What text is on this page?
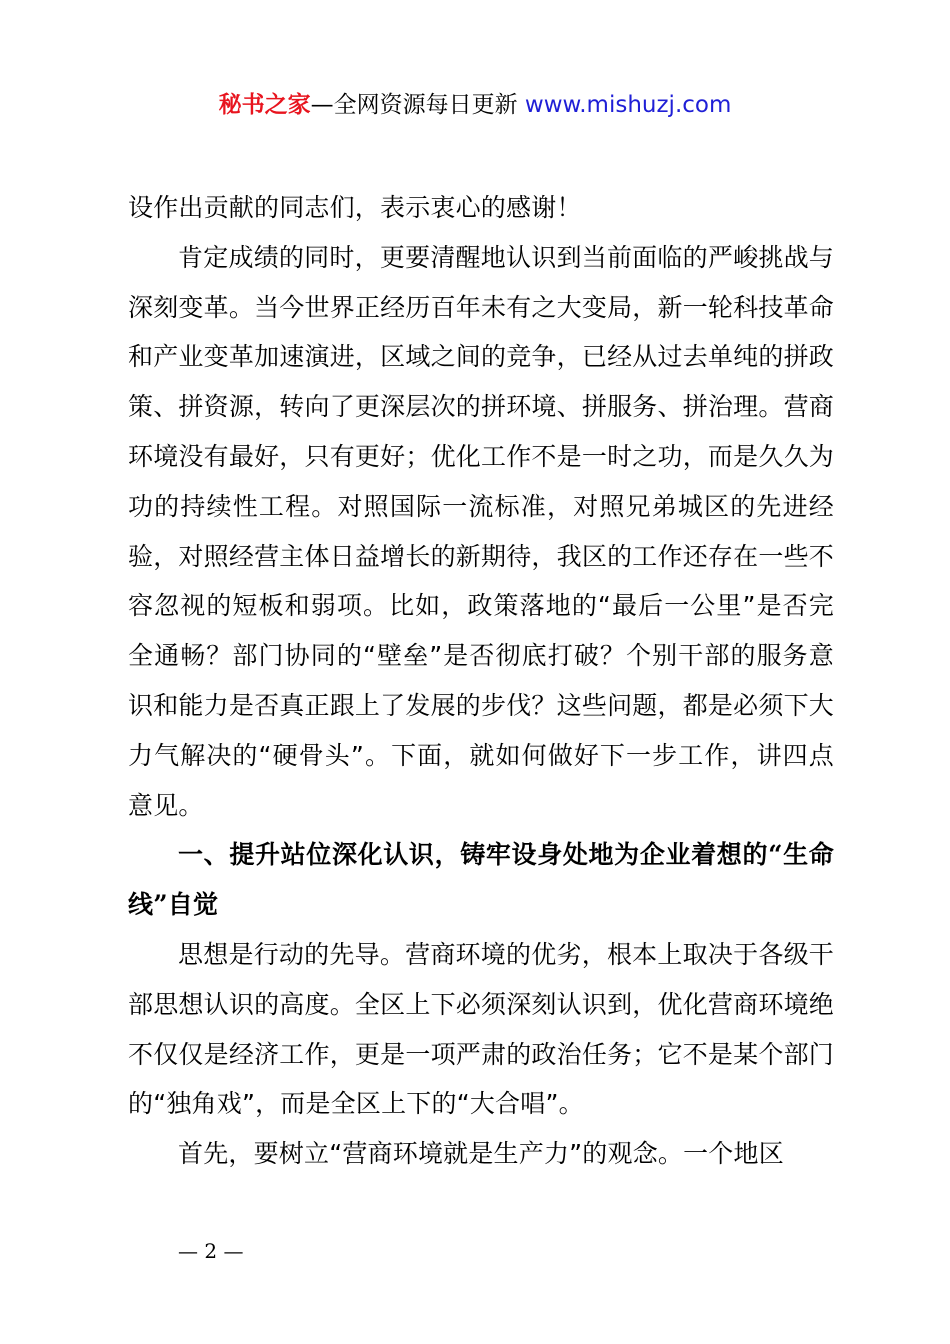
秘书之家—全网资源每日更新 www.mishuzj.com

设作出贡献的同志们，表示衷心的感谢！

肯定成绩的同时，更要清醒地认识到当前面临的严峻挑战与深刻变革。当今世界正经历百年未有之大变局，新一轮科技革命和产业变革加速演进，区域之间的竞争，已经从过去单纯的拼政策、拼资源，转向了更深层次的拼环境、拼服务、拼治理。营商环境没有最好，只有更好；优化工作不是一时之功，而是久久为功的持续性工程。对照国际一流标准，对照兄弟城区的先进经验，对照经营主体日益增长的新期待，我区的工作还存在一些不容忽视的短板和弱项。比如，政策落地的“最后一公里”是否完全通畅？部门协同的“壁垒”是否彻底打破？个别干部的服务意识和能力是否真正跟上了发展的步伐？这些问题，都是必须下大力气解决的“硬骨头”。下面，就如何做好下一步工作，讲四点意见。

一、提升站位深化认识，铸牢设身处地为企业着想的“生命线”自觉

思想是行动的先导。营商环境的优劣，根本上取决于各级干部思想认识的高度。全区上下必须深刻认识到，优化营商环境绝不仅仅是经济工作，更是一项严肃的政治任务；它不是某个部门的“独角戏”，而是全区上下的“大合唱”。

首先，要树立“营商环境就是生产力”的观念。一个地区

— 2 —
